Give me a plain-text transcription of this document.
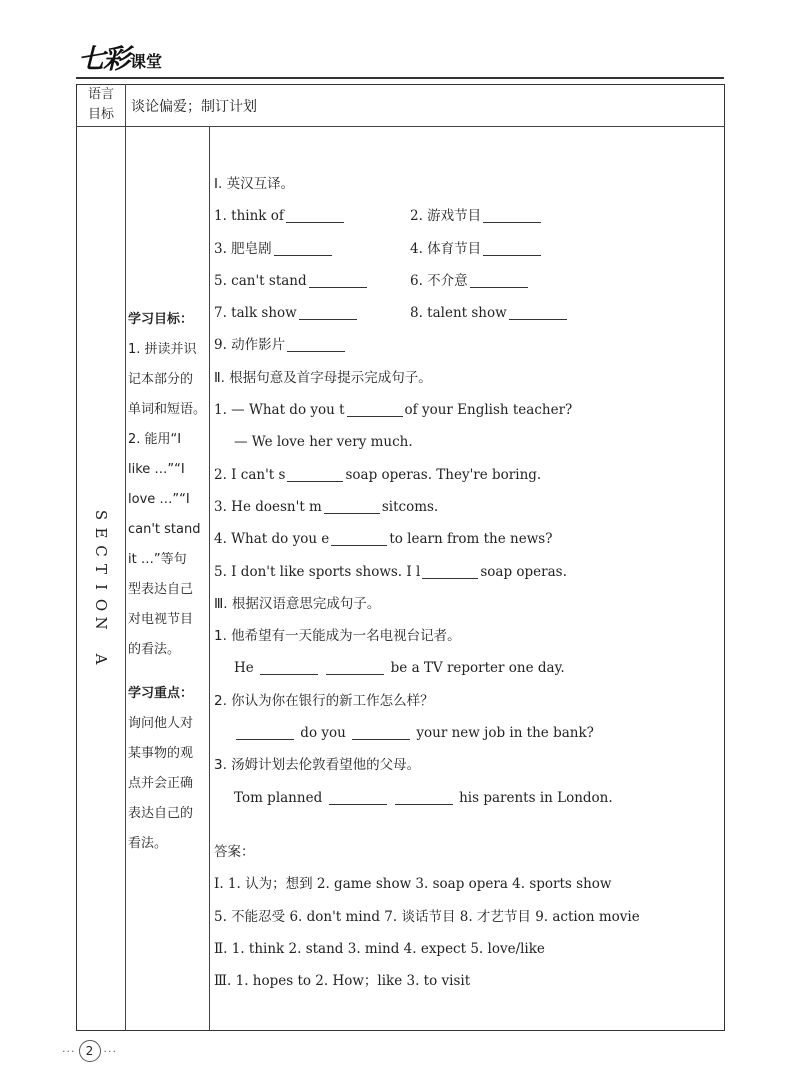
七彩 课堂
语言
目标	谈论偏爱；制订计划
S
E
C
T
I
O
N
A
学习目标：
1. 拼读并识
记本部分的
单词和短语。
2. 能用“I
like …”“I
love …”“I
can't stand
it …”等句
型表达自己
对电视节目
的看法。
学习重点：
询问他人对
某事物的观
点并会正确
表达自己的
看法。
Ⅰ. 英汉互译。
1. think of	2. 游戏节目
3. 肥皂剧	4. 体育节目
5. can't stand	6. 不介意
7. talk show	8. talent show
9. 动作影片
Ⅱ. 根据句意及首字母提示完成句子。
1. — What do you t	of your English teacher?
— We love her very much.
2. I can't s	soap operas. They're boring.
3. He doesn't m	sitcoms.
4. What do you e	to learn from the news?
5. I don't like sports shows. I l	soap operas.
Ⅲ. 根据汉语意思完成句子。
1. 他希望有一天能成为一名电视台记者。
He	be a TV reporter one day.
2. 你认为你在银行的新工作怎么样？
do you	your new job in the bank?
3. 汤姆计划去伦敦看望他的父母。
Tom planned	his parents in London.
答案：
Ⅰ. 1. 认为；想到 2. game show 3. soap opera 4. sports show
5. 不能忍受 6. don't mind 7. 谈话节目 8. 才艺节目 9. action movie
Ⅱ. 1. think 2. stand 3. mind 4. expect 5. love/like
Ⅲ. 1. hopes to 2. How；like 3. to visit
··· 2 ···
